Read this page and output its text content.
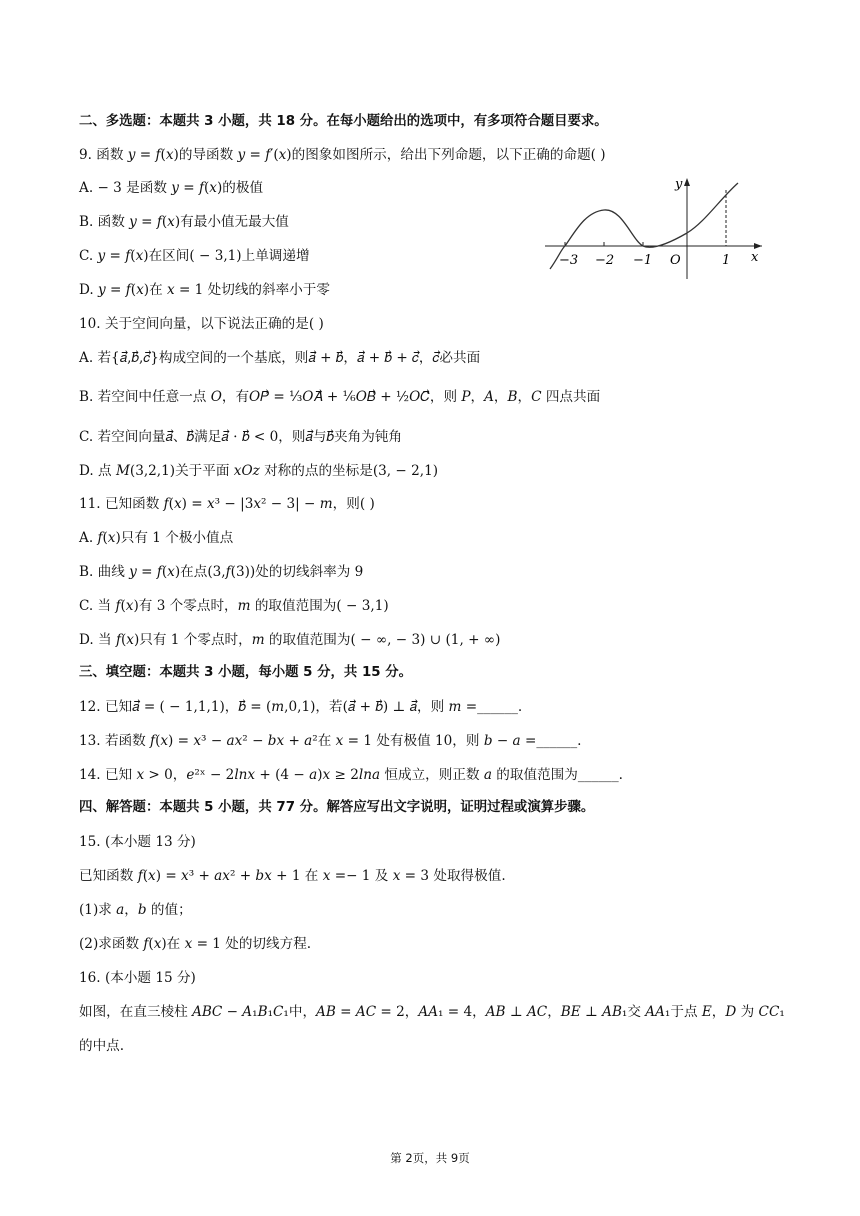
二、多选题：本题共 3 小题，共 18 分。在每小题给出的选项中，有多项符合题目要求。
9. 函数 𝑦 = 𝑓(𝑥)的导函数 𝑦 = 𝑓′(𝑥)的图象如图所示，给出下列命题，以下正确的命题( )
A. − 3 是函数 𝑦 = 𝑓(𝑥)的极值
B. 函数 𝑦 = 𝑓(𝑥)有最小值无最大值
C. 𝑦 = 𝑓(𝑥)在区间( − 3,1)上单调递增
D. 𝑦 = 𝑓(𝑥)在 𝑥 = 1 处切线的斜率小于零
10. 关于空间向量，以下说法正确的是( )
A. 若{𝑎⃗,𝑏⃗,𝑐⃗}构成空间的一个基底，则𝑎⃗ + 𝑏⃗，𝑎⃗ + 𝑏⃗ + 𝑐⃗，𝑐⃗必共面
B. 若空间中任意一点 𝑂，有𝑂𝑃⃗ = ⅓𝑂𝐴⃗ + ⅙𝑂𝐵⃗ + ½𝑂𝐶⃗，则 𝑃，𝐴，𝐵，𝐶 四点共面
C. 若空间向量𝑎⃗、𝑏⃗满足𝑎⃗ ⋅ 𝑏⃗ < 0，则𝑎⃗与𝑏⃗夹角为钝角
D. 点 𝑀(3,2,1)关于平面 𝑥𝑂𝑧 对称的点的坐标是(3, − 2,1)
11. 已知函数 𝑓(𝑥) = 𝑥³ − |3𝑥² − 3| − 𝑚，则( )
A. 𝑓(𝑥)只有 1 个极小值点
B. 曲线 𝑦 = 𝑓(𝑥)在点(3,𝑓(3))处的切线斜率为 9
C. 当 𝑓(𝑥)有 3 个零点时，𝑚 的取值范围为( − 3,1)
D. 当 𝑓(𝑥)只有 1 个零点时，𝑚 的取值范围为( − ∞, − 3) ∪ (1, + ∞)
三、填空题：本题共 3 小题，每小题 5 分，共 15 分。
12. 已知𝑎⃗ = ( − 1,1,1)，𝑏⃗ = (𝑚,0,1)，若(𝑎⃗ + 𝑏⃗) ⊥ 𝑎⃗，则 𝑚 =______.
13. 若函数 𝑓(𝑥) = 𝑥³ − 𝑎𝑥² − 𝑏𝑥 + 𝑎²在 𝑥 = 1 处有极值 10，则 𝑏 − 𝑎 =______.
14. 已知 𝑥 > 0，𝑒²ˣ − 2𝑙𝑛𝑥 + (4 − 𝑎)𝑥 ≥ 2𝑙𝑛𝑎 恒成立，则正数 𝑎 的取值范围为______.
四、解答题：本题共 5 小题，共 77 分。解答应写出文字说明，证明过程或演算步骤。
15. (本小题 13 分)
已知函数 𝑓(𝑥) = 𝑥³ + 𝑎𝑥² + 𝑏𝑥 + 1 在 𝑥 =− 1 及 𝑥 = 3 处取得极值.
(1)求 𝑎，𝑏 的值；
(2)求函数 𝑓(𝑥)在 𝑥 = 1 处的切线方程.
16. (本小题 15 分)
如图，在直三棱柱 𝐴𝐵𝐶 − 𝐴₁𝐵₁𝐶₁中，𝐴𝐵 = 𝐴𝐶 = 2，𝐴𝐴₁ = 4，𝐴𝐵 ⊥ 𝐴𝐶，𝐵𝐸 ⊥ 𝐴𝐵₁交 𝐴𝐴₁于点 𝐸，𝐷 为 𝐶𝐶₁
的中点.
−3 −2 −1 O	1 x
y
第 2页，共 9页
